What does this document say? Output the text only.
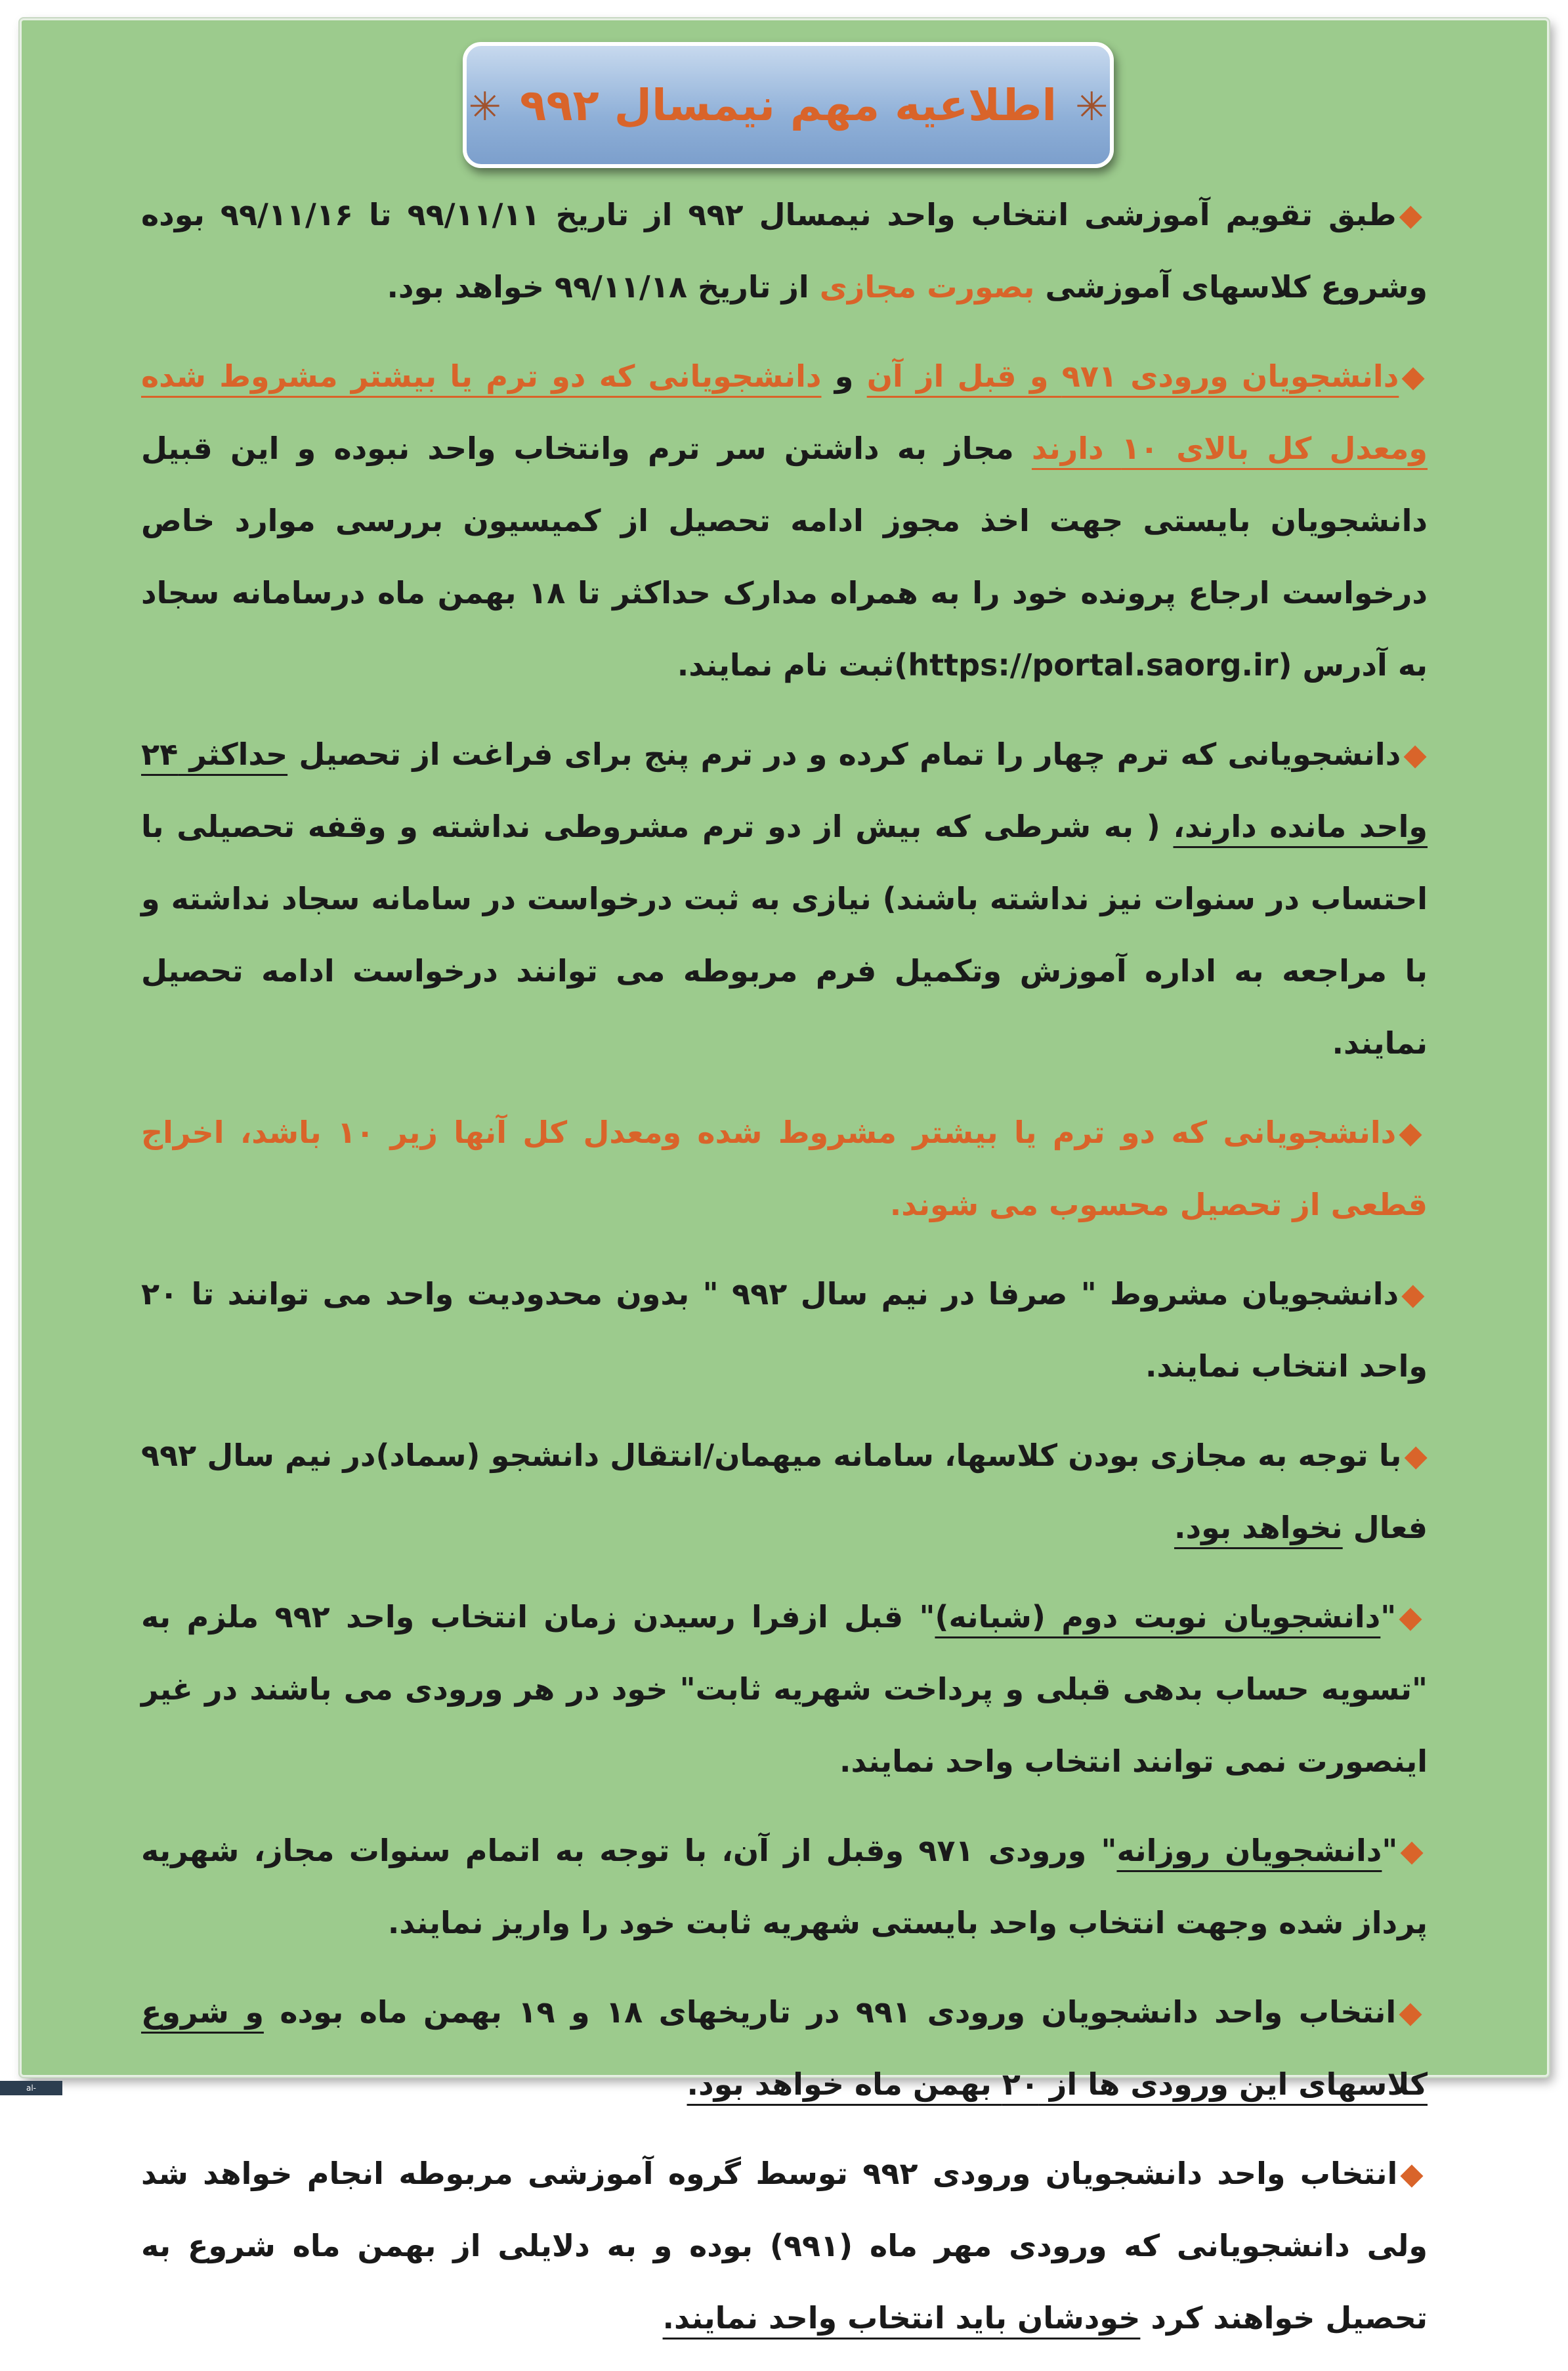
✳اطلاعیه مهم نیمسال ۹۹۲✳

◆طبق تقویم آموزشی انتخاب واحد نیمسال ۹۹۲ از تاریخ ۹۹/۱۱/۱۱ تا ۹۹/۱۱/۱۶ بوده وشروع کلاسهای آموزشی بصورت مجازی از تاریخ ۹۹/۱۱/۱۸ خواهد بود.

◆دانشجویان ورودی ۹۷۱ و قبل از آن و دانشجویانی که دو ترم یا بیشتر مشروط شده ومعدل کل بالای ۱۰ دارند مجاز به داشتن سر ترم وانتخاب واحد نبوده و این قبیل دانشجویان بایستی جهت اخذ مجوز ادامه تحصیل از کمیسیون بررسی موارد خاص درخواست ارجاع پرونده خود را به همراه مدارک حداکثر تا ۱۸ بهمن ماه درسامانه سجاد به آدرس (https://portal.saorg.ir)ثبت نام نمایند.

◆دانشجویانی که ترم چهار را تمام کرده و در ترم پنج برای فراغت از تحصیل حداکثر ۲۴ واحد مانده دارند، ( به شرطی که بیش از دو ترم مشروطی نداشته و وقفه تحصیلی با احتساب در سنوات نیز نداشته باشند) نیازی به ثبت درخواست در سامانه سجاد نداشته و با مراجعه به اداره آموزش وتکمیل فرم مربوطه می توانند درخواست ادامه تحصیل نمایند.

◆دانشجویانی که دو ترم یا بیشتر مشروط شده ومعدل کل آنها زیر ۱۰ باشد، اخراج قطعی از تحصیل محسوب می شوند.

◆دانشجویان مشروط " صرفا در نیم سال ۹۹۲ " بدون محدودیت واحد می توانند تا ۲۰ واحد انتخاب نمایند.

◆با توجه به مجازی بودن کلاسها، سامانه میهمان/انتقال دانشجو (سماد)در نیم سال ۹۹۲ فعال نخواهد بود.

◆"دانشجویان نوبت دوم (شبانه)" قبل ازفرا رسیدن زمان انتخاب واحد ۹۹۲ ملزم به "تسویه حساب بدهی قبلی و پرداخت شهریه ثابت" خود در هر ورودی می باشند در غیر اینصورت نمی توانند انتخاب واحد نمایند.

◆"دانشجویان روزانه" ورودی ۹۷۱ وقبل از آن، با توجه به اتمام سنوات مجاز، شهریه پرداز شده وجهت انتخاب واحد بایستی شهریه ثابت خود را واریز نمایند.

◆انتخاب واحد دانشجویان ورودی ۹۹۱ در تاریخهای ۱۸ و ۱۹ بهمن ماه بوده و شروع کلاسهای این ورودی ها از ۲۰ بهمن ماه خواهد بود.

◆انتخاب واحد دانشجویان ورودی ۹۹۲ توسط گروه آموزشی مربوطه انجام خواهد شد ولی دانشجویانی که ورودی مهر ماه (۹۹۱) بوده و به دلایلی از بهمن ماه شروع به تحصیل خواهند کرد خودشان باید انتخاب واحد نمایند.

al-tabriz.iau.ac.ir
